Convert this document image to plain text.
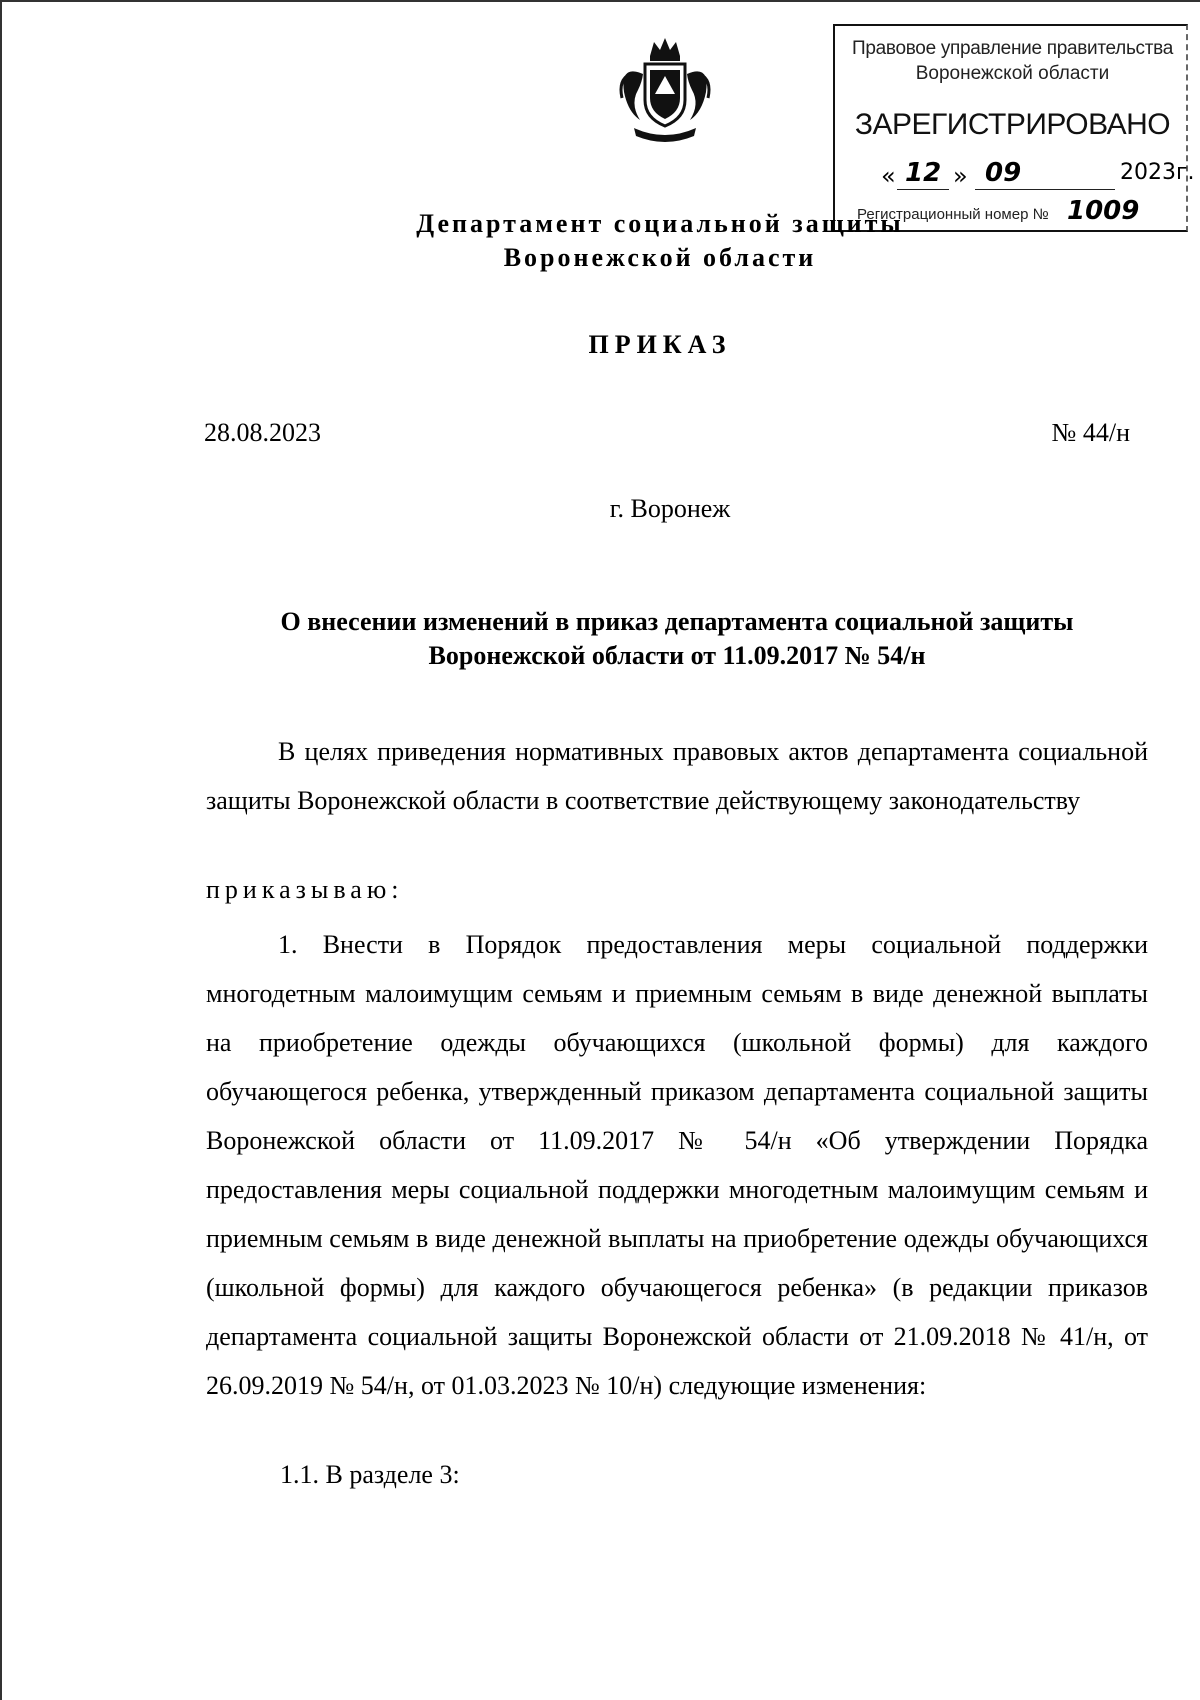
Правовое управление правительства
Воронежской области
ЗАРЕГИСТРИРОВАНО
« 12 » 09	2023г.
Регистрационный номер № 1009
Департамент социальной защиты
Воронежской области
ПРИКАЗ
28.08.2023	№ 44/н
г. Воронеж
О внесении изменений в приказ департамента социальной защиты
Воронежской области от 11.09.2017 № 54/н
В целях приведения нормативных правовых актов департамента социальной защиты Воронежской области в соответствие действующему законодательству
приказываю:
1. Внести в Порядок предоставления меры социальной поддержки многодетным малоимущим семьям и приемным семьям в виде денежной выплаты на приобретение одежды обучающихся (школьной формы) для каждого обучающегося ребенка, утвержденный приказом департамента социальной защиты Воронежской области от 11.09.2017 № 54/н «Об утверждении Порядка предоставления меры социальной поддержки многодетным малоимущим семьям и приемным семьям в виде денежной выплаты на приобретение одежды обучающихся (школьной формы) для каждого обучающегося ребенка» (в редакции приказов департамента социальной защиты Воронежской области от 21.09.2018 № 41/н, от 26.09.2019 № 54/н, от 01.03.2023 № 10/н) следующие изменения:
1.1. В разделе 3:
